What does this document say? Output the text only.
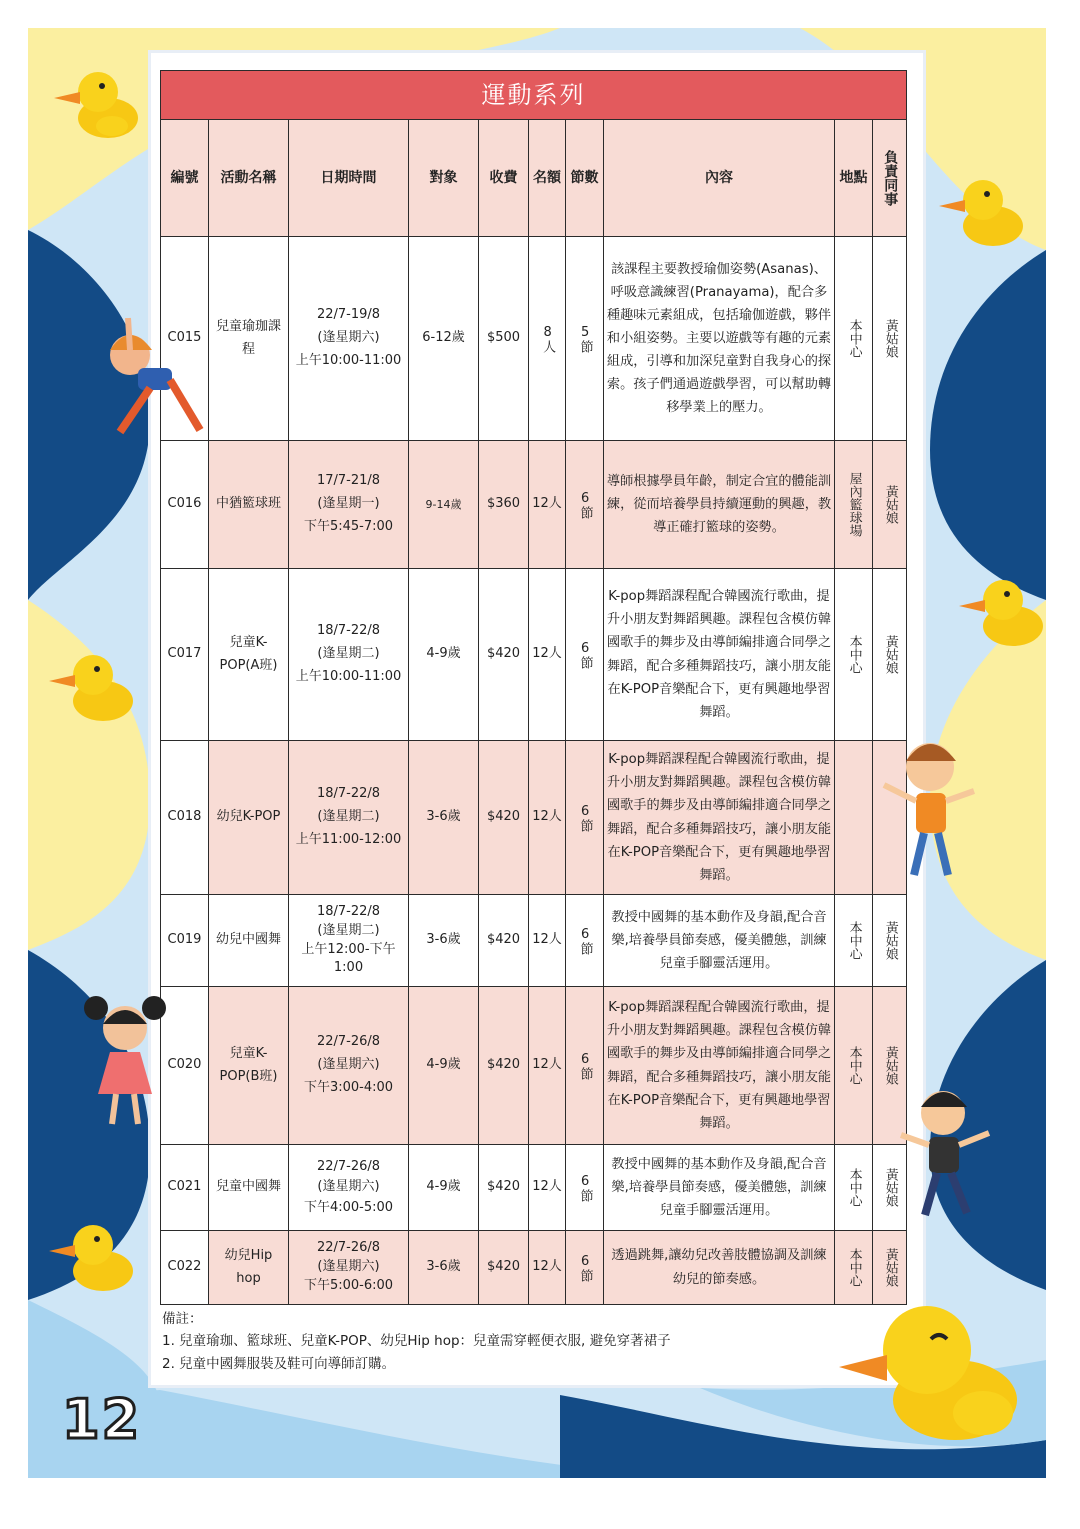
運動系列									
編號	活動名稱	日期時間	對象	收費	名額	節數	內容	地點	負責同事

C015	兒童瑜珈課程	22/7-19/8
(逢星期六)
上午10:00-11:00	6-12歲	$500	8人	5節	該課程主要教授瑜伽姿勢(Asanas)、呼吸意識練習(Pranayama)，配合多種趣味元素組成，包括瑜伽遊戲，夥伴和小組姿勢。主要以遊戲等有趣的元素組成，引導和加深兒童對自我身心的探索。孩子們通過遊戲學習，可以幫助轉移學業上的壓力。	本中心	黃姑娘

C016	中猶籃球班	17/7-21/8
(逢星期一)
下午5:45-7:00	9-14歲	$360	12人	6節	導師根據學員年齡，制定合宜的體能訓練，從而培養學員持續運動的興趣，教導正確打籃球的姿勢。	屋內籃球場	黃姑娘

C017	兒童K-POP(A班)	18/7-22/8
(逢星期二)
上午10:00-11:00	4-9歲	$420	12人	6節	K-pop舞蹈課程配合韓國流行歌曲，提升小朋友對舞蹈興趣。課程包含模仿韓國歌手的舞步及由導師編排適合同學之舞蹈，配合多種舞蹈技巧，讓小朋友能在K-POP音樂配合下，更有興趣地學習舞蹈。	本中心	黃姑娘

C018	幼兒K-POP	18/7-22/8
(逢星期二)
上午11:00-12:00	3-6歲	$420	12人	6節	K-pop舞蹈課程配合韓國流行歌曲，提升小朋友對舞蹈興趣。課程包含模仿韓國歌手的舞步及由導師編排適合同學之舞蹈，配合多種舞蹈技巧，讓小朋友能在K-POP音樂配合下，更有興趣地學習舞蹈。	

C019	幼兒中國舞	18/7-22/8
(逢星期二)
上午12:00-下午1:00	3-6歲	$420	12人	6節	教授中國舞的基本動作及身韻,配合音樂,培養學員節奏感，優美體態，訓練兒童手腳靈活運用。	本中心	黃姑娘

C020	兒童K-POP(B班)	22/7-26/8
(逢星期六)
下午3:00-4:00	4-9歲	$420	12人	6節	K-pop舞蹈課程配合韓國流行歌曲，提升小朋友對舞蹈興趣。課程包含模仿韓國歌手的舞步及由導師編排適合同學之舞蹈，配合多種舞蹈技巧，讓小朋友能在K-POP音樂配合下，更有興趣地學習舞蹈。	本中心	黃姑娘

C021	兒童中國舞	22/7-26/8
(逢星期六)
下午4:00-5:00	4-9歲	$420	12人	6節	教授中國舞的基本動作及身韻,配合音樂,培養學員節奏感，優美體態，訓練兒童手腳靈活運用。	本中心	黃姑娘

C022	幼兒Hip hop	22/7-26/8
(逢星期六)
下午5:00-6:00	3-6歲	$420	12人	6節	透過跳舞,讓幼兒改善肢體協調及訓練幼兒的節奏感。	本中心	黃姑娘
備註：
1. 兒童瑜珈、籃球班、兒童K-POP、幼兒Hip hop：兒童需穿輕便衣服, 避免穿著裙子
2. 兒童中國舞服裝及鞋可向導師訂購。
12
